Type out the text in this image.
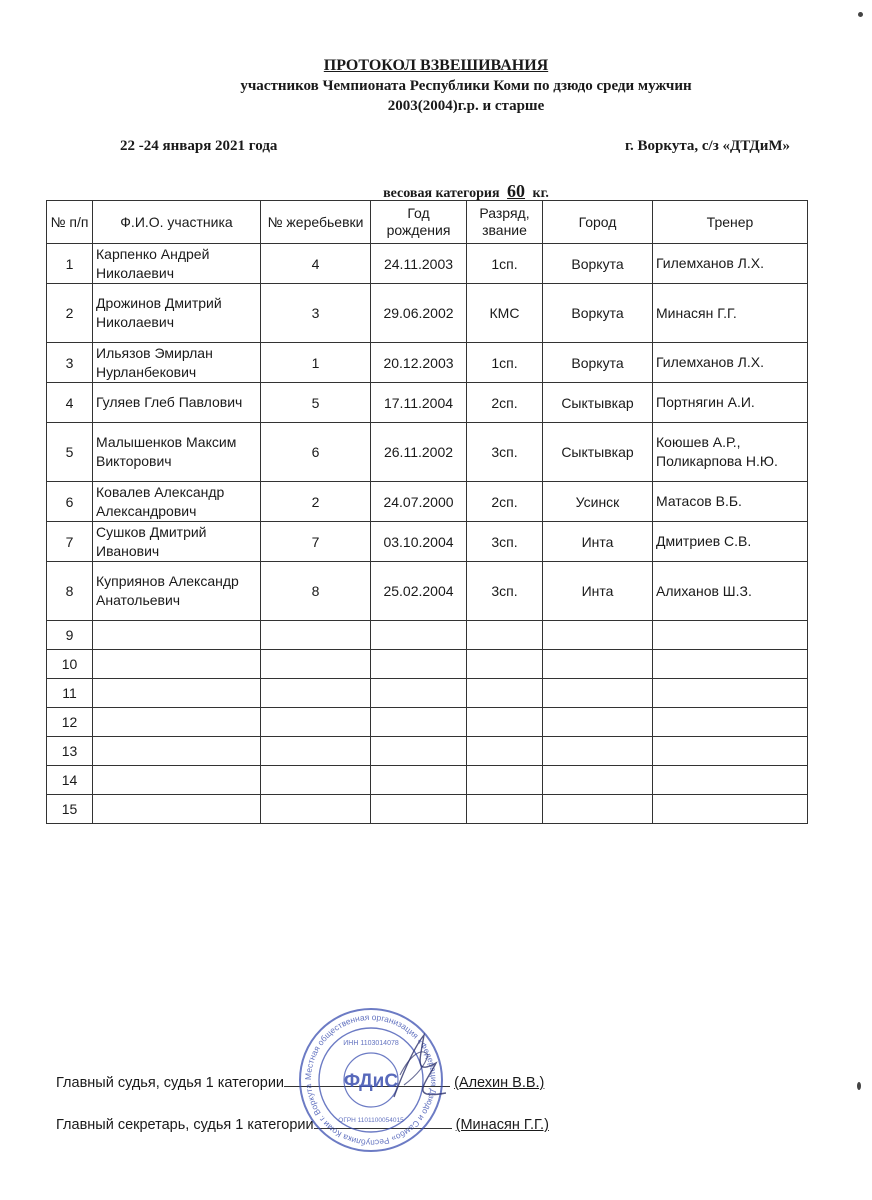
ПРОТОКОЛ ВЗВЕШИВАНИЯ
участников Чемпионата Республики Коми по дзюдо среди мужчин
2003(2004)г.р. и старше
22 -24 января 2021 года	г. Воркута, с/з «ДТДиМ»
весовая категория 60 кг.
№ п/п	Ф.И.О. участника	№ жеребьевки	Год рождения	Разряд, звание	Город	Тренер
1	Карпенко Андрей Николаевич	4	24.11.2003	1сп.	Воркута	Гилемханов Л.Х.
2	Дрожинов Дмитрий Николаевич	3	29.06.2002	КМС	Воркута	Минасян Г.Г.
3	Ильязов Эмирлан Нурланбекович	1	20.12.2003	1сп.	Воркута	Гилемханов Л.Х.
4	Гуляев Глеб Павлович	5	17.11.2004	2сп.	Сыктывкар	Портнягин А.И.
5	Малышенков Максим Викторович	6	26.11.2002	3сп.	Сыктывкар	Коюшев А.Р., Поликарпова Н.Ю.
6	Ковалев Александр Александрович	2	24.07.2000	2сп.	Усинск	Матасов В.Б.
7	Сушков Дмитрий Иванович	7	03.10.2004	3сп.	Инта	Дмитриев С.В.
8	Куприянов Александр Анатольевич	8	25.02.2004	3сп.	Инта	Алиханов Ш.З.
9						
10						
11						
12						
13						
14						
15						
Главный судья, судья 1 категории	(Алехин В.В.)
Главный секретарь, судья 1 категории	(Минасян Г.Г.)
Местная общественная организация «Федерация Дзюдо и Самбо» Республика Коми г. Воркута
ИНН 1103014078
ОГРН 1101100054015
ФДиС
